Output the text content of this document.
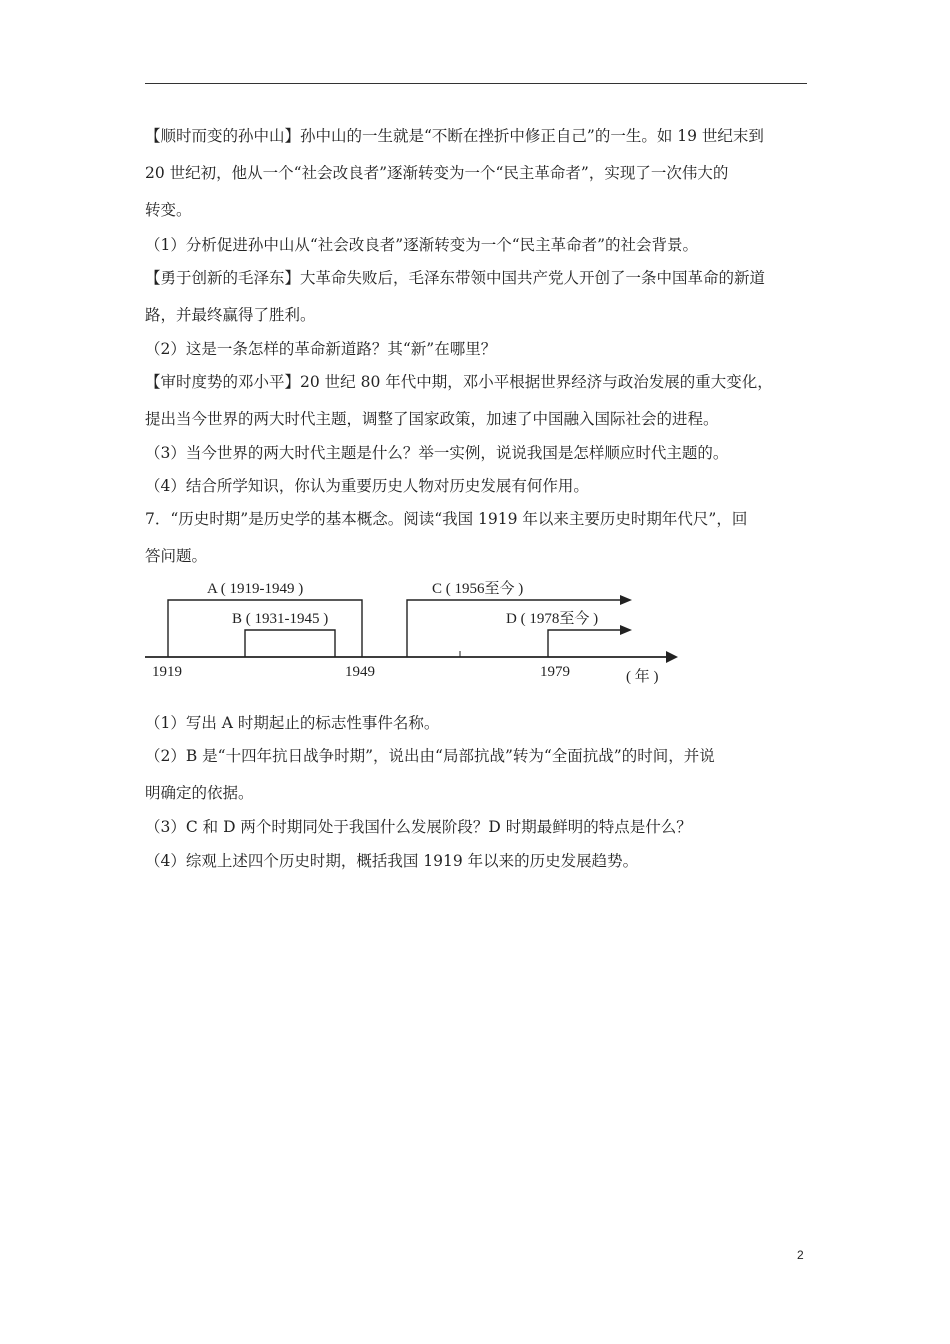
【顺时而变的孙中山】孙中山的一生就是“不断在挫折中修正自己”的一生。如 19 世纪末到
20 世纪初，他从一个“社会改良者”逐渐转变为一个“民主革命者”，实现了一次伟大的
转变。
（1）分析促进孙中山从“社会改良者”逐渐转变为一个“民主革命者”的社会背景。
【勇于创新的毛泽东】大革命失败后，毛泽东带领中国共产党人开创了一条中国革命的新道
路，并最终赢得了胜利。
（2）这是一条怎样的革命新道路？其“新”在哪里？
【审时度势的邓小平】20 世纪 80 年代中期，邓小平根据世界经济与政治发展的重大变化，
提出当今世界的两大时代主题，调整了国家政策，加速了中国融入国际社会的进程。
（3）当今世界的两大时代主题是什么？举一实例，说说我国是怎样顺应时代主题的。
（4）结合所学知识，你认为重要历史人物对历史发展有何作用。
7．“历史时期”是历史学的基本概念。阅读“我国 1919 年以来主要历史时期年代尺”，回
答问题。
A ( 1919-1949 )
B ( 1931-1945 )
C ( 1956至今 )
D ( 1978至今 )
1919	1949	1979	( 年 )
（1）写出 A 时期起止的标志性事件名称。
（2）B 是“十四年抗日战争时期”，说出由“局部抗战”转为“全面抗战”的时间，并说
明确定的依据。
（3）C 和 D 两个时期同处于我国什么发展阶段？D 时期最鲜明的特点是什么？
（4）综观上述四个历史时期，概括我国 1919 年以来的历史发展趋势。
2
